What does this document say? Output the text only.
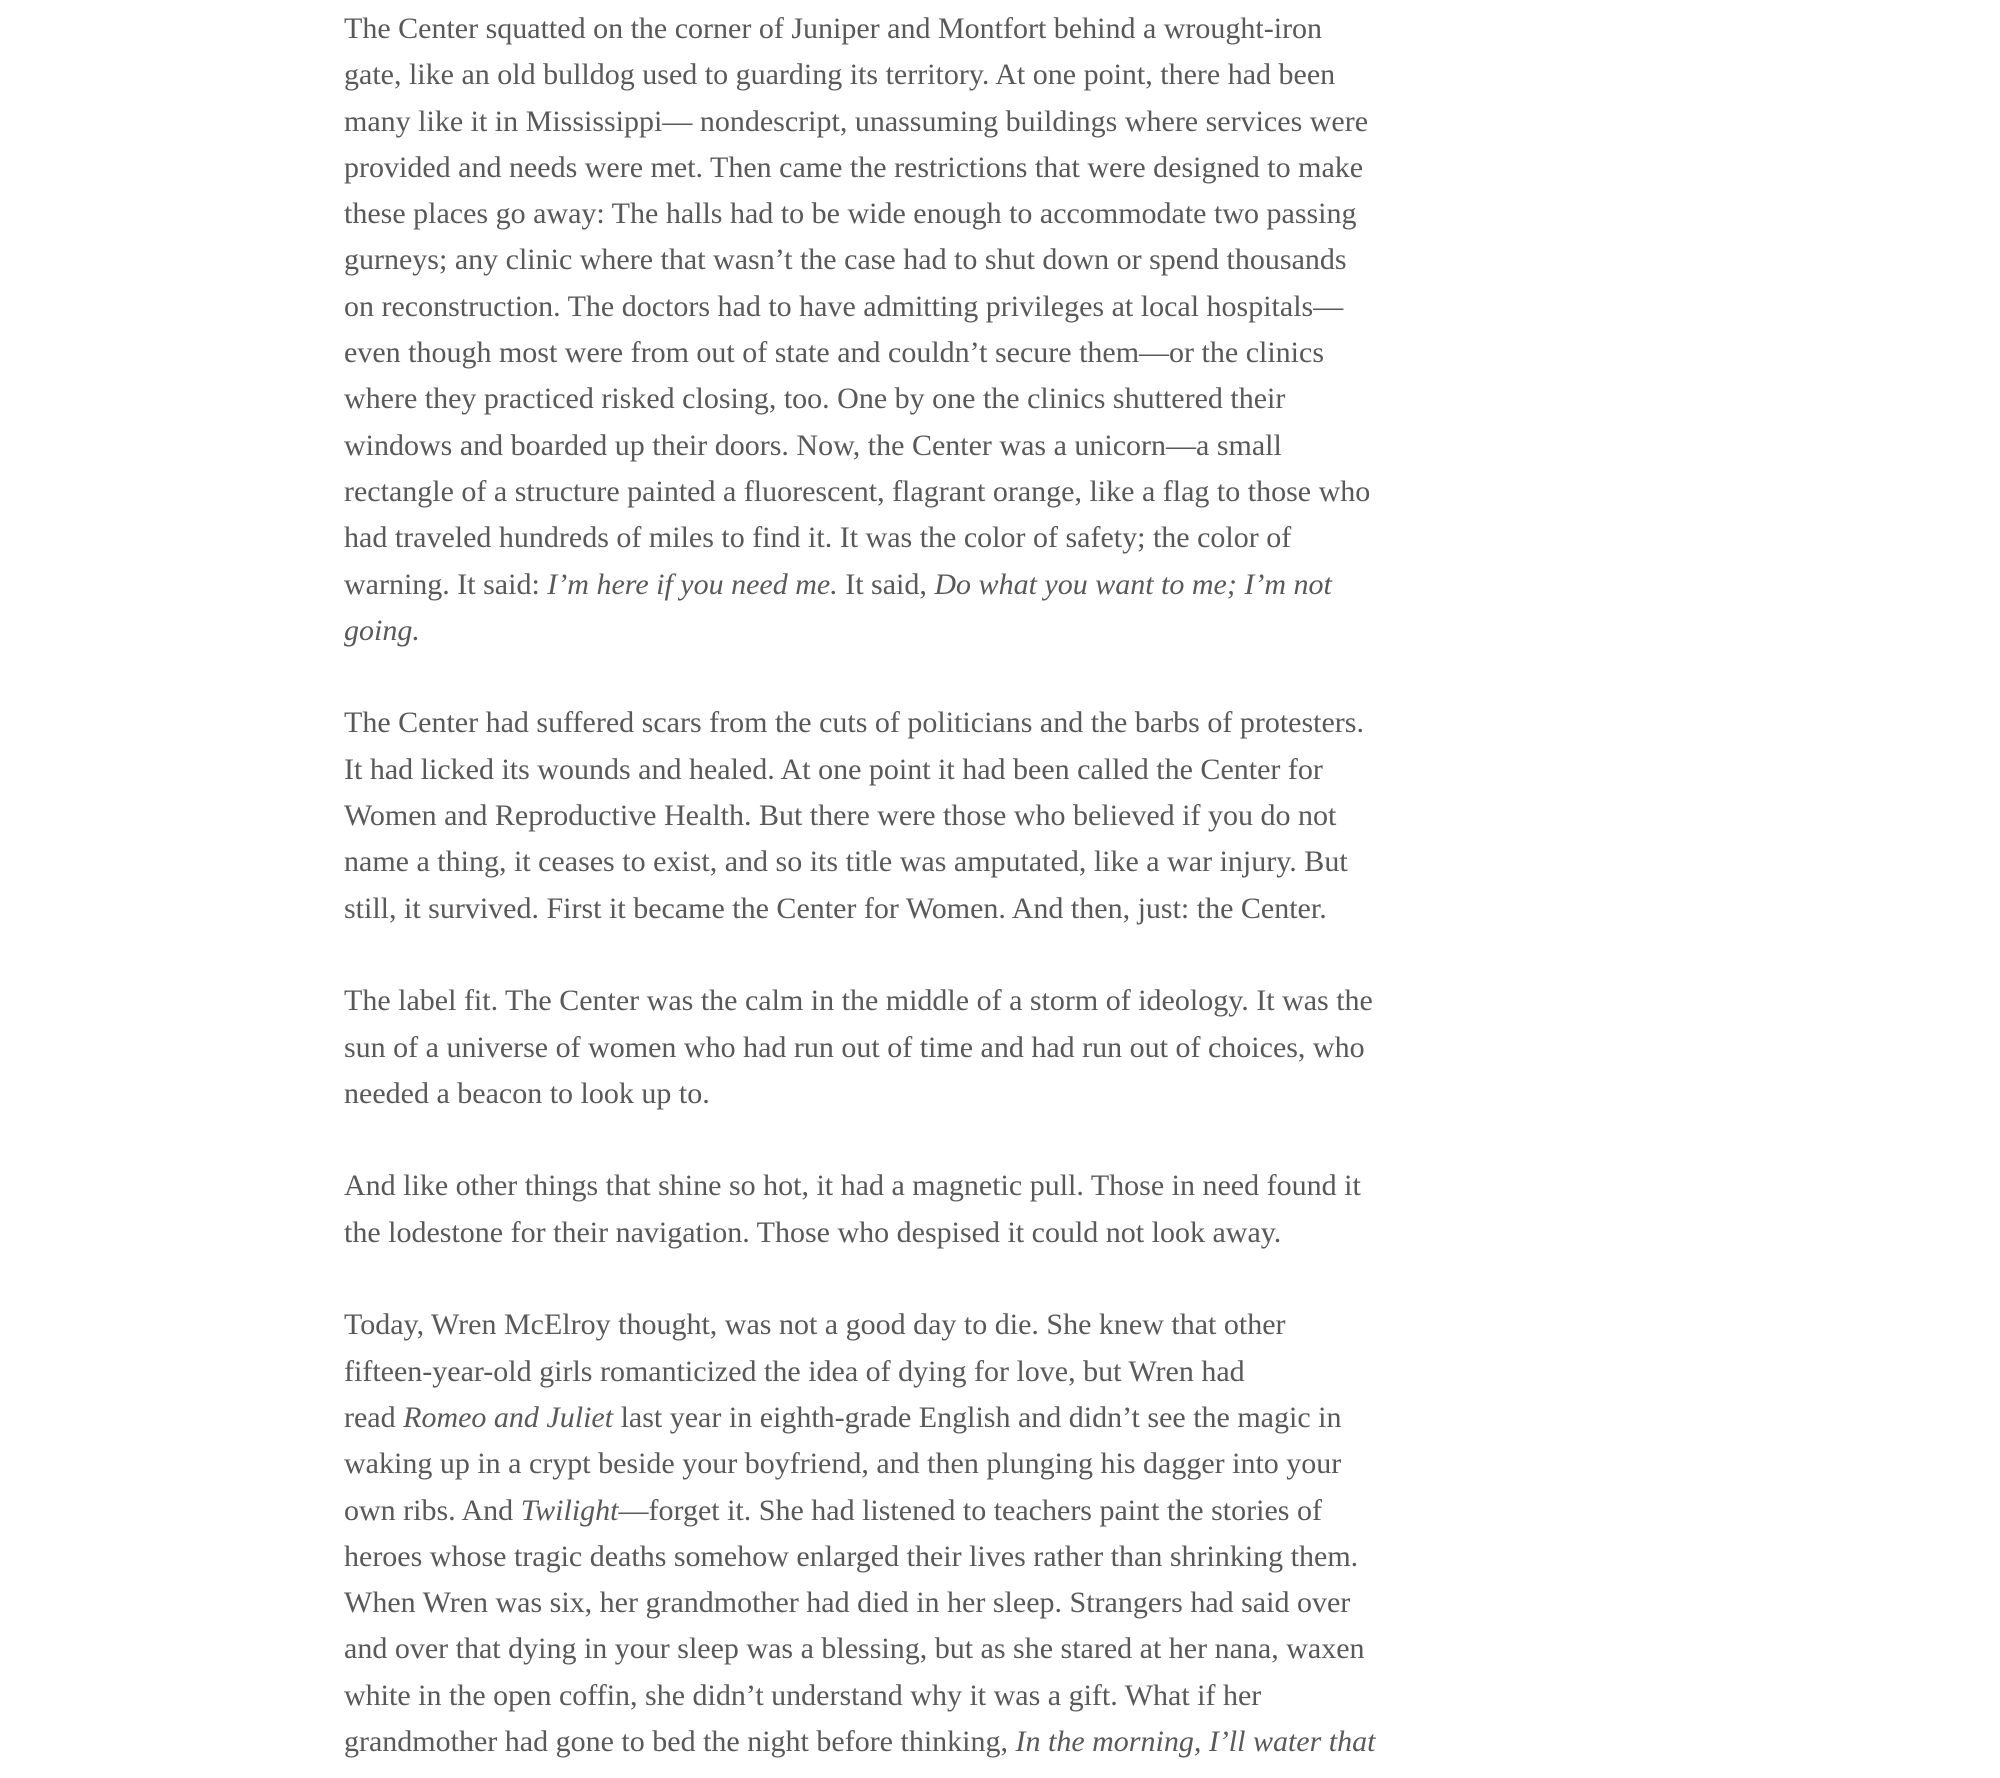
The Center squatted on the corner of Juniper and Montfort behind a wrought-iron
gate, like an old bulldog used to guarding its territory. At one point, there had been
many like it in Mississippi— nondescript, unassuming buildings where services were
provided and needs were met. Then came the restrictions that were designed to make
these places go away: The halls had to be wide enough to accommodate two passing
gurneys; any clinic where that wasn’t the case had to shut down or spend thousands
on reconstruction. The doctors had to have admitting privileges at local hospitals—
even though most were from out of state and couldn’t secure them—or the clinics
where they practiced risked closing, too. One by one the clinics shuttered their
windows and boarded up their doors. Now, the Center was a unicorn—a small
rectangle of a structure painted a fluorescent, flagrant orange, like a flag to those who
had traveled hundreds of miles to find it. It was the color of safety; the color of
warning. It said: I’m here if you need me. It said, Do what you want to me; I’m not
going.

The Center had suffered scars from the cuts of politicians and the barbs of protesters.
It had licked its wounds and healed. At one point it had been called the Center for
Women and Reproductive Health. But there were those who believed if you do not
name a thing, it ceases to exist, and so its title was amputated, like a war injury. But
still, it survived. First it became the Center for Women. And then, just: the Center.

The label fit. The Center was the calm in the middle of a storm of ideology. It was the
sun of a universe of women who had run out of time and had run out of choices, who
needed a beacon to look up to.

And like other things that shine so hot, it had a magnetic pull. Those in need found it
the lodestone for their navigation. Those who despised it could not look away.

Today, Wren McElroy thought, was not a good day to die. She knew that other
fifteen-year-old girls romanticized the idea of dying for love, but Wren had
read Romeo and Juliet last year in eighth-grade English and didn’t see the magic in
waking up in a crypt beside your boyfriend, and then plunging his dagger into your
own ribs. And Twilight—forget it. She had listened to teachers paint the stories of
heroes whose tragic deaths somehow enlarged their lives rather than shrinking them.
When Wren was six, her grandmother had died in her sleep. Strangers had said over
and over that dying in your sleep was a blessing, but as she stared at her nana, waxen
white in the open coffin, she didn’t understand why it was a gift. What if her
grandmother had gone to bed the night before thinking, In the morning, I’ll water that
